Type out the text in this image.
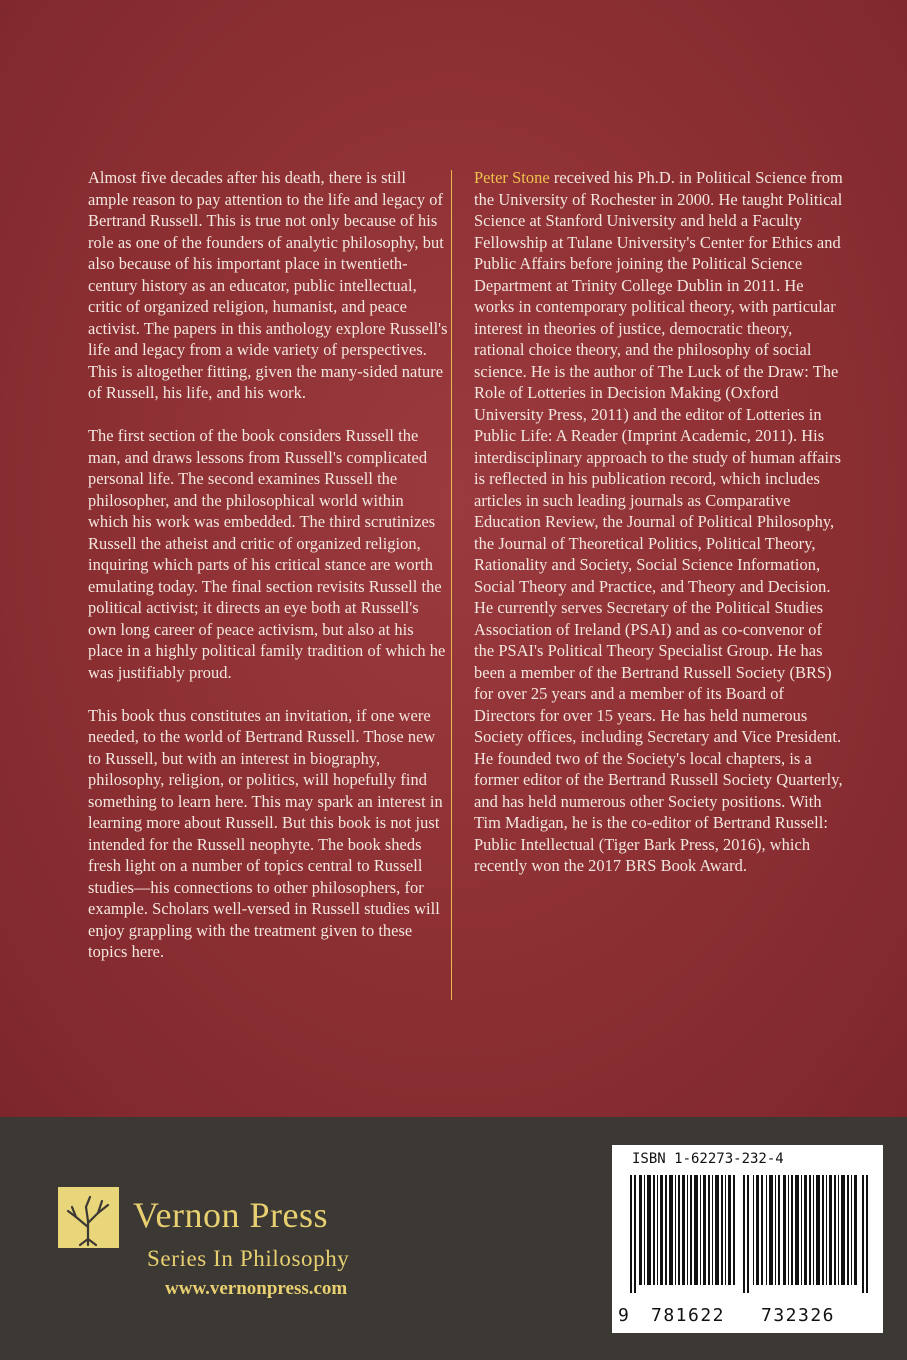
Almost five decades after his death, there is still ample reason to pay attention to the life and legacy of Bertrand Russell. This is true not only because of his role as one of the founders of analytic philosophy, but also because of his important place in twentieth-century history as an educator, public intellectual, critic of organized religion, humanist, and peace activist. The papers in this anthology explore Russell's life and legacy from a wide variety of perspectives. This is altogether fitting, given the many-sided nature of Russell, his life, and his work.

The first section of the book considers Russell the man, and draws lessons from Russell's complicated personal life. The second examines Russell the philosopher, and the philosophical world within which his work was embedded. The third scrutinizes Russell the atheist and critic of organized religion, inquiring which parts of his critical stance are worth emulating today. The final section revisits Russell the political activist; it directs an eye both at Russell's own long career of peace activism, but also at his place in a highly political family tradition of which he was justifiably proud.

This book thus constitutes an invitation, if one were needed, to the world of Bertrand Russell. Those new to Russell, but with an interest in biography, philosophy, religion, or politics, will hopefully find something to learn here. This may spark an interest in learning more about Russell. But this book is not just intended for the Russell neophyte. The book sheds fresh light on a number of topics central to Russell studies—his connections to other philosophers, for example. Scholars well-versed in Russell studies will enjoy grappling with the treatment given to these topics here.

Peter Stone received his Ph.D. in Political Science from the University of Rochester in 2000. He taught Political Science at Stanford University and held a Faculty Fellowship at Tulane University's Center for Ethics and Public Affairs before joining the Political Science Department at Trinity College Dublin in 2011. He works in contemporary political theory, with particular interest in theories of justice, democratic theory, rational choice theory, and the philosophy of social science. He is the author of The Luck of the Draw: The Role of Lotteries in Decision Making (Oxford University Press, 2011) and the editor of Lotteries in Public Life: A Reader (Imprint Academic, 2011). His interdisciplinary approach to the study of human affairs is reflected in his publication record, which includes articles in such leading journals as Comparative Education Review, the Journal of Political Philosophy, the Journal of Theoretical Politics, Political Theory, Rationality and Society, Social Science Information, Social Theory and Practice, and Theory and Decision. He currently serves Secretary of the Political Studies Association of Ireland (PSAI) and as co-convenor of the PSAI's Political Theory Specialist Group. He has been a member of the Bertrand Russell Society (BRS) for over 25 years and a member of its Board of Directors for over 15 years. He has held numerous Society offices, including Secretary and Vice President. He founded two of the Society's local chapters, is a former editor of the Bertrand Russell Society Quarterly, and has held numerous other Society positions. With Tim Madigan, he is the co-editor of Bertrand Russell: Public Intellectual (Tiger Bark Press, 2016), which recently won the 2017 BRS Book Award.

Vernon Press
Series In Philosophy
www.vernonpress.com
ISBN 1-62273-232-4
9 781622 732326
